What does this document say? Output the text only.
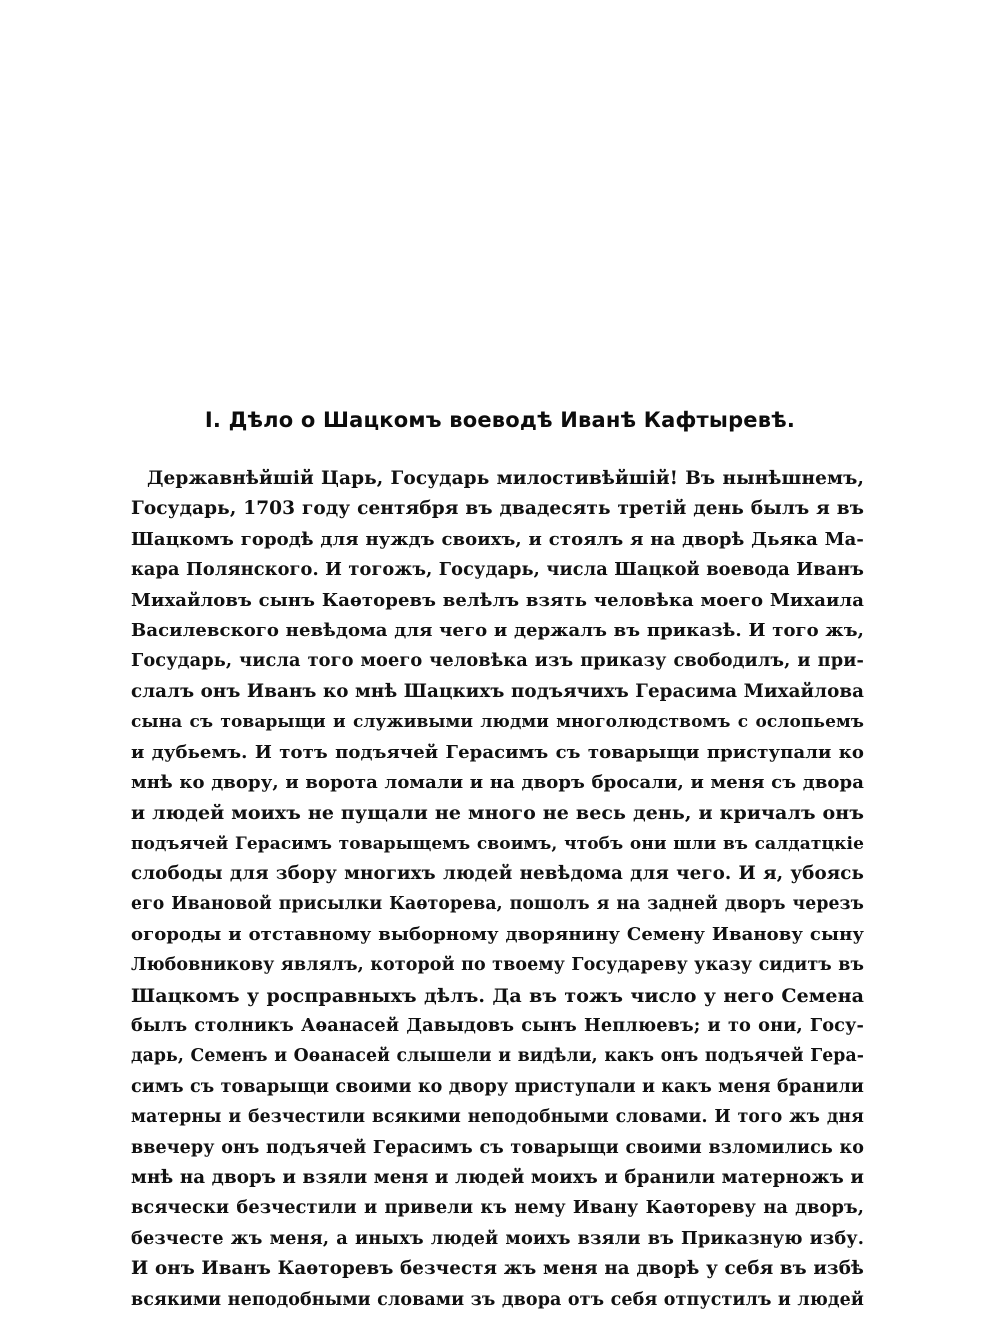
I. Дѣло о Шацкомъ воеводѣ Иванѣ Кафтыревѣ.
Державнѣйшій Царь, Государь милостивѣйшій! Въ нынѣшнемъ,
Государь, 1703 году сентября въ двадесять третій день былъ я въ
Шацкомъ городѣ для нуждъ своихъ, и стоялъ я на дворѣ Дьяка Ма-
кара Полянского. И тогожъ, Государь, числа Шацкой воевода Иванъ
Михайловъ сынъ Каѳторевъ велѣлъ взять человѣка моего Михаила
Василевского невѣдома для чего и держалъ въ приказѣ. И того жъ,
Государь, числа того моего человѣка изъ приказу свободилъ, и при-
слалъ онъ Иванъ ко мнѣ Шацкихъ подъячихъ Герасима Михайлова
сына съ товарыщи и служивыми людми многолюдствомъ с ослопьемъ
и дубьемъ. И тотъ подъячей Герасимъ съ товарыщи приступали ко
мнѣ ко двору, и ворота ломали и на дворъ бросали, и меня съ двора
и людей моихъ не пущали не много не весь день, и кричалъ онъ
подъячей Герасимъ товарыщемъ своимъ, чтобъ они шли въ салдатцкіе
слободы для збору многихъ людей невѣдома для чего. И я, убоясь
его Ивановой присылки Каѳторева, пошолъ я на задней дворъ черезъ
огороды и отставному выборному дворянину Семену Иванову сыну
Любовникову являлъ, которой по твоему Государеву указу сидитъ въ
Шацкомъ у росправныхъ дѣлъ. Да въ тожъ число у него Семена
былъ столникъ Аѳанасей Давыдовъ сынъ Неплюевъ; и то они, Госу-
дарь, Семенъ и Оѳанасей слышели и видѣли, какъ онъ подъячей Гера-
симъ съ товарыщи своими ко двору приступали и какъ меня бранили
матерны и безчестили всякими неподобными словами. И того жъ дня
ввечеру онъ подъячей Герасимъ съ товарыщи своими взломились ко
мнѣ на дворъ и взяли меня и людей моихъ и бранили матерножъ и
всячески безчестили и привели къ нему Ивану Каѳтореву на дворъ,
безчесте жъ меня, а иныхъ людей моихъ взяли въ Приказную избу.
И онъ Иванъ Каѳторевъ безчестя жъ меня на дворѣ у себя въ избѣ
всякими неподобными словами зъ двора отъ себя отпустилъ и людей
